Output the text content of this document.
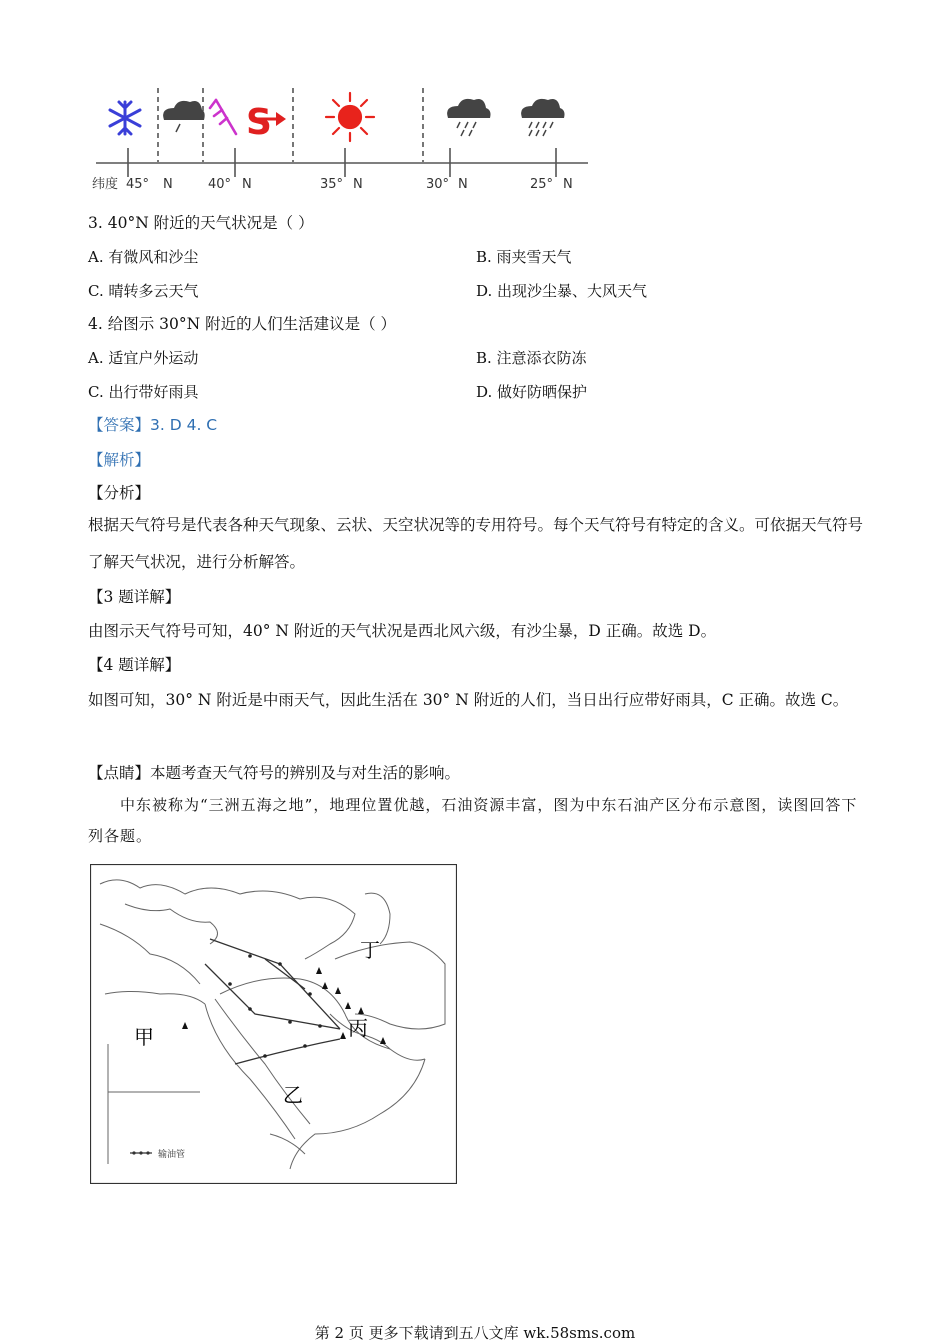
S
纬度 45° N	40° N	35° N	30° N	25° N
3. 40°N 附近的天气状况是（ ）
A. 有微风和沙尘	B. 雨夹雪天气
C. 晴转多云天气	D. 出现沙尘暴、大风天气
4. 给图示 30°N 附近的人们生活建议是（ ）
A. 适宜户外运动	B. 注意添衣防冻
C. 出行带好雨具	D. 做好防晒保护
【答案】3. D 4. C
【解析】
【分析】
根据天气符号是代表各种天气现象、云状、天空状况等的专用符号。每个天气符号有特定的含义。可依据天气符号了解天气状况，进行分析解答。
【3 题详解】
由图示天气符号可知，40° N 附近的天气状况是西北风六级，有沙尘暴，D 正确。故选 D。
【4 题详解】
如图可知，30° N 附近是中雨天气，因此生活在 30° N 附近的人们，当日出行应带好雨具，C 正确。故选 C。
【点睛】本题考查天气符号的辨别及与对生活的影响。
中东被称为“三洲五海之地”，地理位置优越，石油资源丰富，图为中东石油产区分布示意图，读图回答下列各题。
甲
乙
丙
丁
输油管
第 2 页 更多下载请到五八文库 wk.58sms.com
